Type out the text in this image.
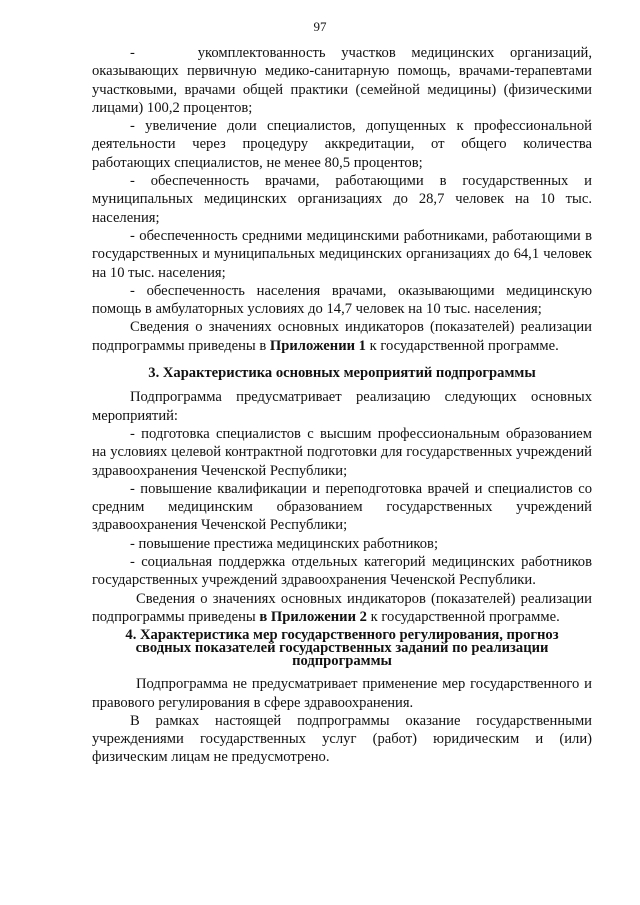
97

-    укомплектованность участков медицинских организаций, оказывающих первичную медико-санитарную помощь, врачами-терапевтами участковыми, врачами общей практики (семейной медицины) (физическими лицами) 100,2 процентов;

- увеличение доли специалистов, допущенных к профессиональной деятельности через процедуру аккредитации, от общего количества работающих специалистов, не менее 80,5 процентов;

- обеспеченность врачами, работающими в государственных и муниципальных медицинских организациях до 28,7 человек на 10 тыс. населения;

- обеспеченность средними медицинскими работниками, работающими в государственных и муниципальных медицинских организациях до 64,1 человек на 10 тыс. населения;

- обеспеченность населения врачами, оказывающими медицинскую помощь в амбулаторных условиях до 14,7 человек на 10 тыс. населения;

Сведения о значениях основных индикаторов (показателей) реализации подпрограммы приведены в Приложении 1 к государственной программе.

3. Характеристика основных мероприятий подпрограммы

Подпрограмма предусматривает реализацию следующих основных мероприятий:

- подготовка специалистов с высшим профессиональным образованием на условиях целевой контрактной подготовки для государственных учреждений здравоохранения Чеченской Республики;

- повышение квалификации и переподготовка врачей и специалистов со средним медицинским образованием государственных учреждений здравоохранения Чеченской Республики;

- повышение престижа медицинских работников;

- социальная поддержка отдельных категорий медицинских работников государственных учреждений здравоохранения Чеченской Республики.

Сведения о значениях основных индикаторов (показателей) реализации подпрограммы приведены в Приложении 2 к государственной программе.

4. Характеристика мер государственного регулирования, прогноз
сводных показателей государственных заданий по реализации
подпрограммы

Подпрограмма не предусматривает применение мер государственного и правового регулирования в сфере здравоохранения.

В рамках настоящей подпрограммы оказание государственными учреждениями государственных услуг (работ) юридическим и (или) физическим лицам не предусмотрено.
